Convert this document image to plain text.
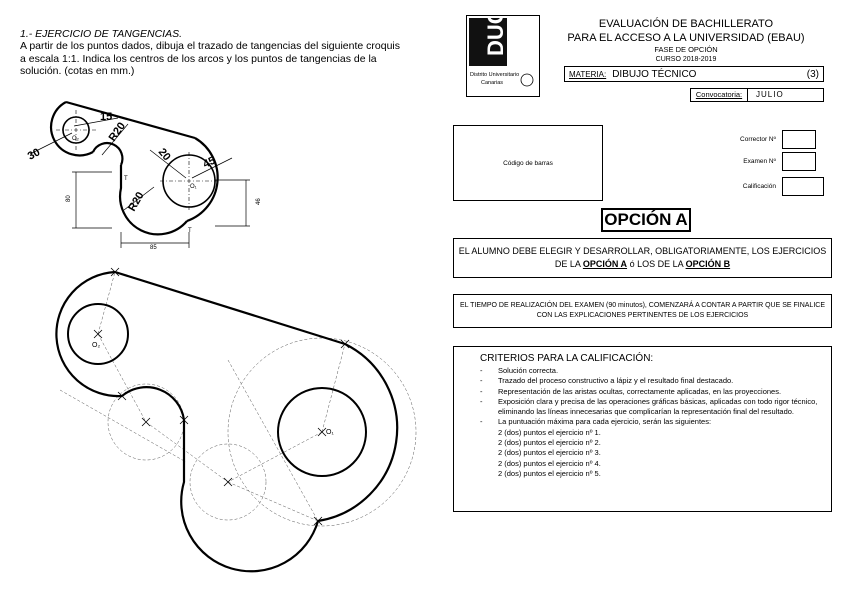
1.- EJERCICIO DE TANGENCIAS.
A partir de los puntos dados, dibuja el trazado de tangencias del siguiente croquis a escala 1:1. Indica los centros de los arcos y los puntos de tangencias de la solución. (cotas en mm.)
15
R20
30	20	45
R20
80
85
46
T
T
O₂
O₁
O₂
O₁
DUC
Distrito Universitario
Canarias
EVALUACIÓN DE BACHILLERATO
PARA EL ACCESO A LA UNIVERSIDAD (EBAU)
FASE DE OPCIÓN
CURSO 2018-2019
MATERIA: DIBUJO TÉCNICO	(3)
Convocatoria:	JULIO
Código de barras
Corrector Nº
Examen Nº
Calificación
OPCIÓN A
EL ALUMNO DEBE ELEGIR Y DESARROLLAR, OBLIGATORIAMENTE, LOS EJERCICIOS DE LA OPCIÓN A ó LOS DE LA OPCIÓN B
EL TIEMPO DE REALIZACIÓN DEL EXAMEN (90 minutos), COMENZARÁ A CONTAR A PARTIR QUE SE FINALICE CON LAS EXPLICACIONES PERTINENTES DE LOS EJERCICIOS
CRITERIOS PARA LA CALIFICACIÓN:
-	Solución correcta.
-	Trazado del proceso constructivo a lápiz y el resultado final destacado.
-	Representación de las aristas ocultas, correctamente aplicadas, en las proyecciones.
-	Exposición clara y precisa de las operaciones gráficas básicas, aplicadas con todo rigor técnico, eliminando las líneas innecesarias que complicarían la representación final del resultado.
-	La puntuación máxima para cada ejercicio, serán las siguientes:
2 (dos) puntos el ejercicio nº 1.
2 (dos) puntos el ejercicio nº 2.
2 (dos) puntos el ejercicio nº 3.
2 (dos) puntos el ejercicio nº 4.
2 (dos) puntos el ejercicio nº 5.
